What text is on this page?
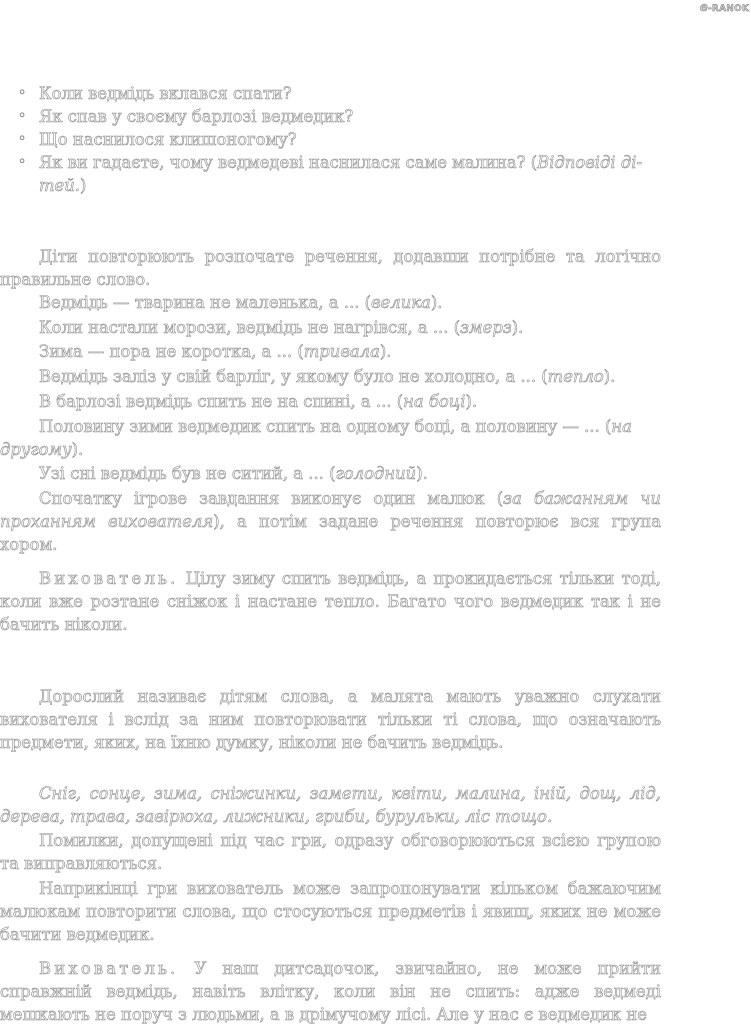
e-RANOK
◦ Коли ведмідь вклався спати?
◦ Як спав у своєму барлозі ведмедик?
◦ Що наснилося клишоногому?
◦ Як ви гадаєте, чому ведмедеві наснилася саме малина? (Відповіді ді-
тей.)
Діти повторюють розпочате речення, додавши потрібне та логічно правильне слово.
Ведмідь — тварина не маленька, а ... (велика).
Коли настали морози, ведмідь не нагрівся, а ... (змерз).
Зима — пора не коротка, а ... (тривала).
Ведмідь заліз у свій барліг, у якому було не холодно, а ... (тепло).
В барлозі ведмідь спить не на спині, а ... (на боці).
Половину зими ведмедик спить на одному боці, а половину — ... (на
другому).
Узі сні ведмідь був не ситий, а ... (голодний).
Спочатку ігрове завдання виконує один малюк (за бажанням чи проханням вихователя), а потім задане речення повторює вся група хором.
Вихователь. Цілу зиму спить ведмідь, а прокидається тільки тоді, коли вже розтане сніжок і настане тепло. Багато чого ведмедик так і не бачить ніколи.
Дорослий називає дітям слова, а малята мають уважно слухати вихователя і вслід за ним повторювати тільки ті слова, що означають предмети, яких, на їхню думку, ніколи не бачить ведмідь.
Сніг, сонце, зима, сніжинки, замети, квіти, малина, іній, дощ, лід, дерева, трава, завірюха, лижники, гриби, бурульки, ліс тощо.
Помилки, допущені під час гри, одразу обговорюються всією групою та виправляються.
Наприкінці гри вихователь може запропонувати кільком бажаючим малюкам повторити слова, що стосуються предметів і явищ, яких не може бачити ведмедик.
Вихователь. У наш дитсадочок, звичайно, не може прийти справжній ведмідь, навіть влітку, коли він не спить: адже ведмеді мешкають не поруч з людьми, а в дрімучому лісі. Але у нас є ведмедик не
